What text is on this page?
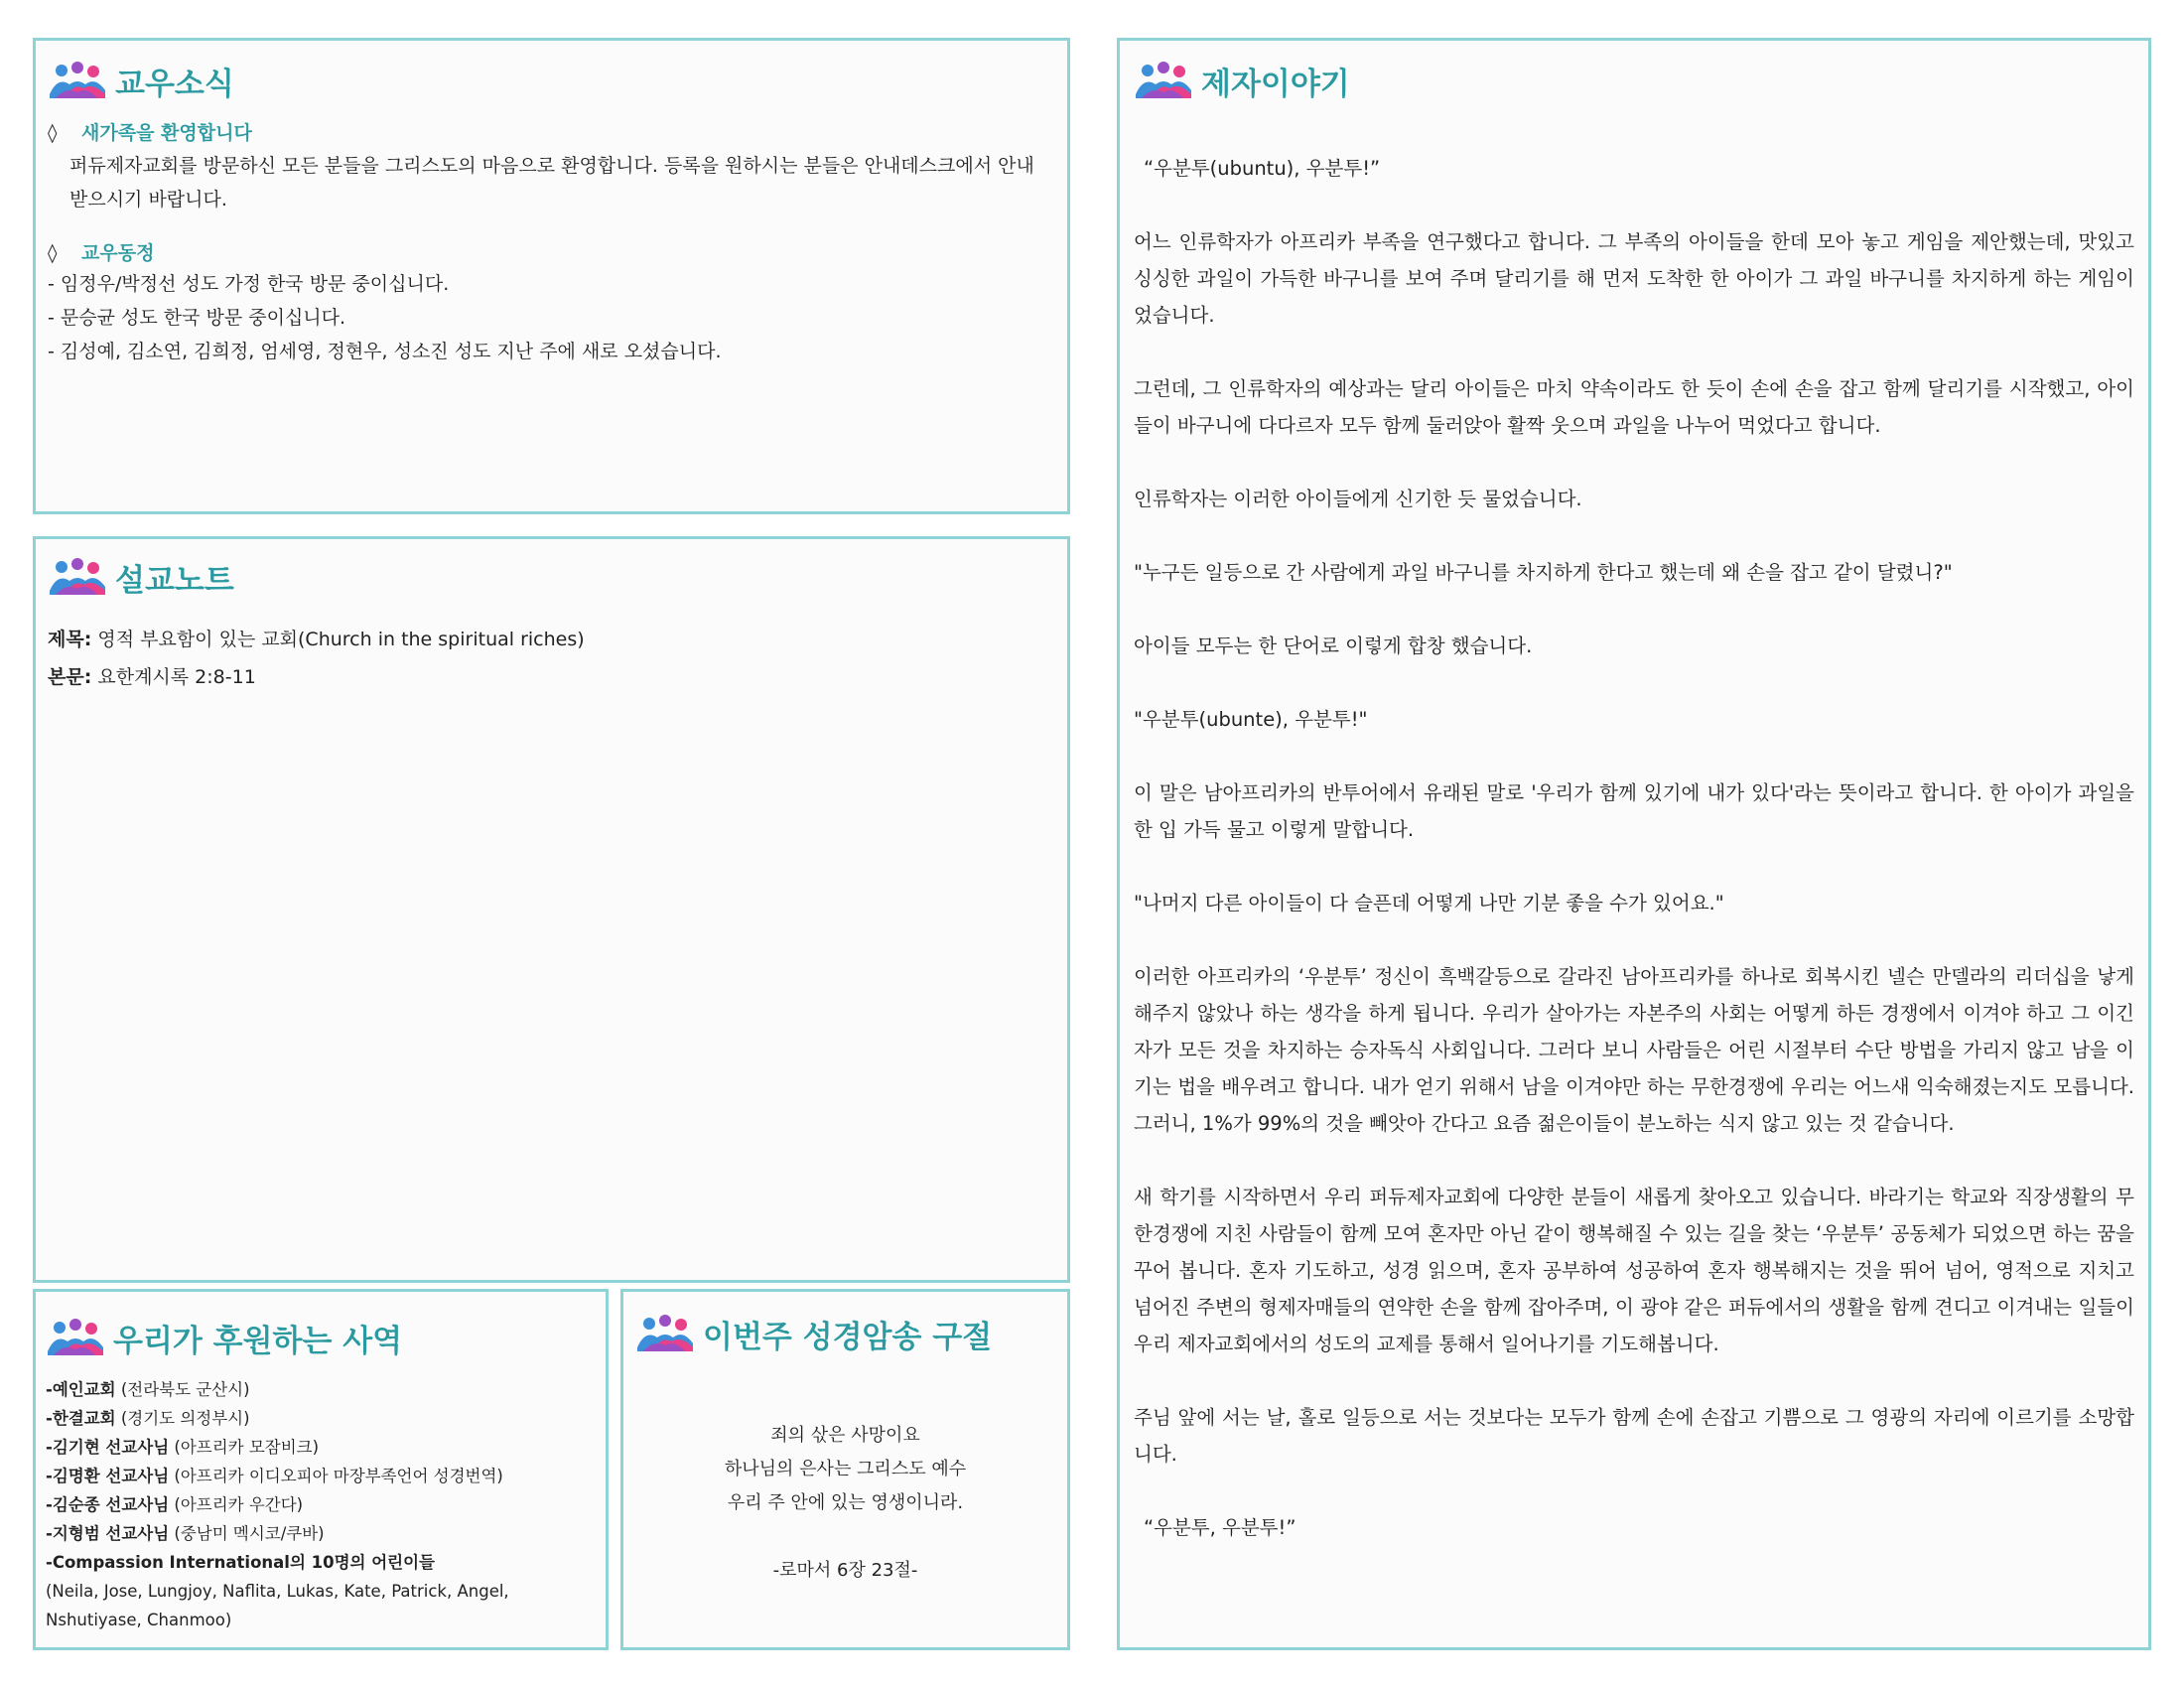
교우소식
◊ 새가족을 환영합니다

퍼듀제자교회를 방문하신 모든 분들을 그리스도의 마음으로 환영합니다. 등록을 원하시는 분들은 안내데스크에서 안내 받으시기 바랍니다.

◊ 교우동정
- 임정우/박정선 성도 가정 한국 방문 중이십니다.
- 문승균 성도 한국 방문 중이십니다.
- 김성예, 김소연, 김희정, 엄세영, 정현우, 성소진 성도 지난 주에 새로 오셨습니다.
설교노트
제목: 영적 부요함이 있는 교회(Church in the spiritual riches)
본문: 요한계시록 2:8-11
우리가 후원하는 사역
-예인교회 (전라북도 군산시)
-한결교회 (경기도 의정부시)
-김기현 선교사님 (아프리카 모잠비크)
-김명환 선교사님 (아프리카 이디오피아 마장부족언어 성경번역)
-김순종 선교사님 (아프리카 우간다)
-지형범 선교사님 (중남미 멕시코/쿠바)
-Compassion International의 10명의 어린이들
(Neila, Jose, Lungjoy, Naflita, Lukas, Kate, Patrick, Angel, Nshutiyase, Chanmoo)
이번주 성경암송 구절
죄의 삯은 사망이요
하나님의 은사는 그리스도 예수
우리 주 안에 있는 영생이니라.
-로마서 6장 23절-
제자이야기

“우분투(ubuntu), 우분투!”

어느 인류학자가 아프리카 부족을 연구했다고 합니다. 그 부족의 아이들을 한데 모아 놓고 게임을 제안했는데, 맛있고 싱싱한 과일이 가득한 바구니를 보여 주며 달리기를 해 먼저 도착한 한 아이가 그 과일 바구니를 차지하게 하는 게임이었습니다.

그런데, 그 인류학자의 예상과는 달리 아이들은 마치 약속이라도 한 듯이 손에 손을 잡고 함께 달리기를 시작했고, 아이들이 바구니에 다다르자 모두 함께 둘러앉아 활짝 웃으며 과일을 나누어 먹었다고 합니다.

인류학자는 이러한 아이들에게 신기한 듯 물었습니다.

"누구든 일등으로 간 사람에게 과일 바구니를 차지하게 한다고 했는데 왜 손을 잡고 같이 달렸니?"

아이들 모두는 한 단어로 이렇게 합창 했습니다.

"우분투(ubunte), 우분투!"

이 말은 남아프리카의 반투어에서 유래된 말로 '우리가 함께 있기에 내가 있다'라는 뜻이라고 합니다. 한 아이가 과일을 한 입 가득 물고 이렇게 말합니다.

"나머지 다른 아이들이 다 슬픈데 어떻게 나만 기분 좋을 수가 있어요."

이러한 아프리카의 ‘우분투’ 정신이 흑백갈등으로 갈라진 남아프리카를 하나로 회복시킨 넬슨 만델라의 리더십을 낳게 해주지 않았나 하는 생각을 하게 됩니다. 우리가 살아가는 자본주의 사회는 어떻게 하든 경쟁에서 이겨야 하고 그 이긴 자가 모든 것을 차지하는 승자독식 사회입니다. 그러다 보니 사람들은 어린 시절부터 수단 방법을 가리지 않고 남을 이기는 법을 배우려고 합니다. 내가 얻기 위해서 남을 이겨야만 하는 무한경쟁에 우리는 어느새 익숙해졌는지도 모릅니다. 그러니, 1%가 99%의 것을 빼앗아 간다고 요즘 젊은이들이 분노하는 식지 않고 있는 것 같습니다.

새 학기를 시작하면서 우리 퍼듀제자교회에 다양한 분들이 새롭게 찾아오고 있습니다. 바라기는 학교와 직장생활의 무한경쟁에 지친 사람들이 함께 모여 혼자만 아닌 같이 행복해질 수 있는 길을 찾는 ‘우분투’ 공동체가 되었으면 하는 꿈을 꾸어 봅니다. 혼자 기도하고, 성경 읽으며, 혼자 공부하여 성공하여 혼자 행복해지는 것을 뛰어 넘어, 영적으로 지치고 넘어진 주변의 형제자매들의 연약한 손을 함께 잡아주며, 이 광야 같은 퍼듀에서의 생활을 함께 견디고 이겨내는 일들이 우리 제자교회에서의 성도의 교제를 통해서 일어나기를 기도해봅니다.

주님 앞에 서는 날, 홀로 일등으로 서는 것보다는 모두가 함께 손에 손잡고 기쁨으로 그 영광의 자리에 이르기를 소망합니다.

“우분투, 우분투!”
